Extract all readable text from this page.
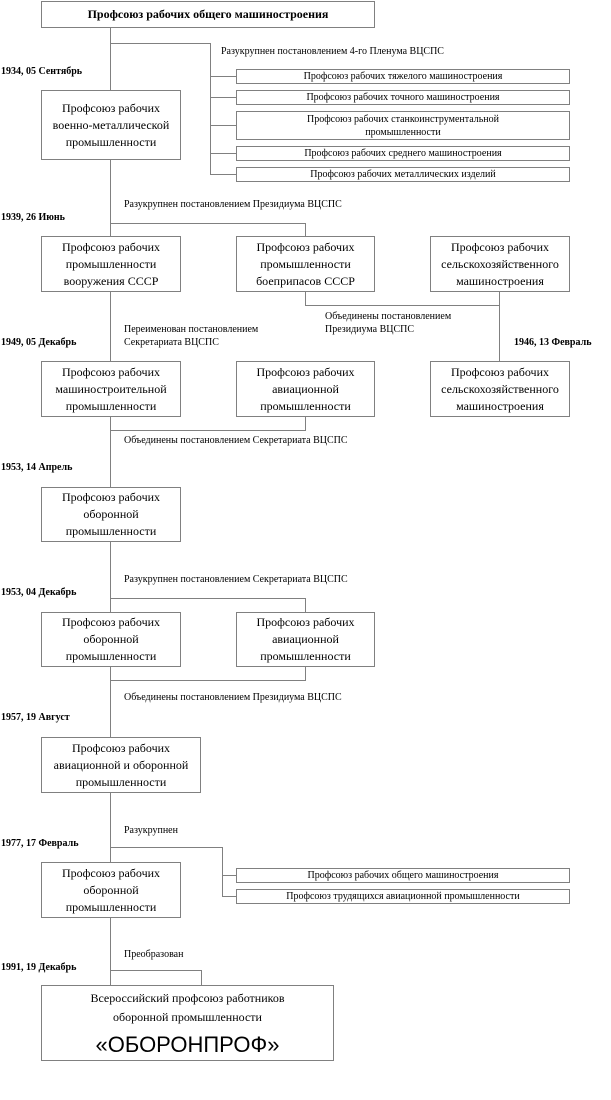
Профсоюз рабочих общего машиностроения
1934, 05 Сентябрь
Разукрупнен постановлением 4-го Пленума ВЦСПС
Профсоюз рабочих
военно-металлической
промышленности
Профсоюз рабочих тяжелого машиностроения
Профсоюз рабочих точного машиностроения
Профсоюз рабочих станкоинструментальной
промышленности
Профсоюз рабочих среднего машиностроения
Профсоюз рабочих металлических изделий
Разукрупнен постановлением Президиума ВЦСПС
1939, 26 Июнь
Профсоюз рабочих
промышленности
вооружения СССР
Профсоюз рабочих
промышленности
боеприпасов СССР
Профсоюз рабочих
сельскохозяйственного
машиностроения
Объединены постановлением
Президиума ВЦСПС
1946, 13 Февраль
Переименован постановлением
Секретариата ВЦСПС
1949, 05 Декабрь
Профсоюз рабочих
машиностроительной
промышленности
Профсоюз рабочих
авиационной
промышленности
Профсоюз рабочих
сельскохозяйственного
машиностроения
Объединены постановлением Секретариата ВЦСПС
1953, 14 Апрель
Профсоюз рабочих
оборонной
промышленности
Разукрупнен постановлением Секретариата ВЦСПС
1953, 04 Декабрь
Профсоюз рабочих
оборонной
промышленности
Профсоюз рабочих
авиационной
промышленности
Объединены постановлением Президиума ВЦСПС
1957, 19 Август
Профсоюз рабочих
авиационной и оборонной
промышленности
Разукрупнен
1977, 17 Февраль
Профсоюз рабочих
оборонной
промышленности
Профсоюз рабочих общего машиностроения
Профсоюз трудящихся авиационной промышленности
Преобразован
1991, 19 Декабрь
Всероссийский профсоюз работников
оборонной промышленности
«ОБОРОНПРОФ»
